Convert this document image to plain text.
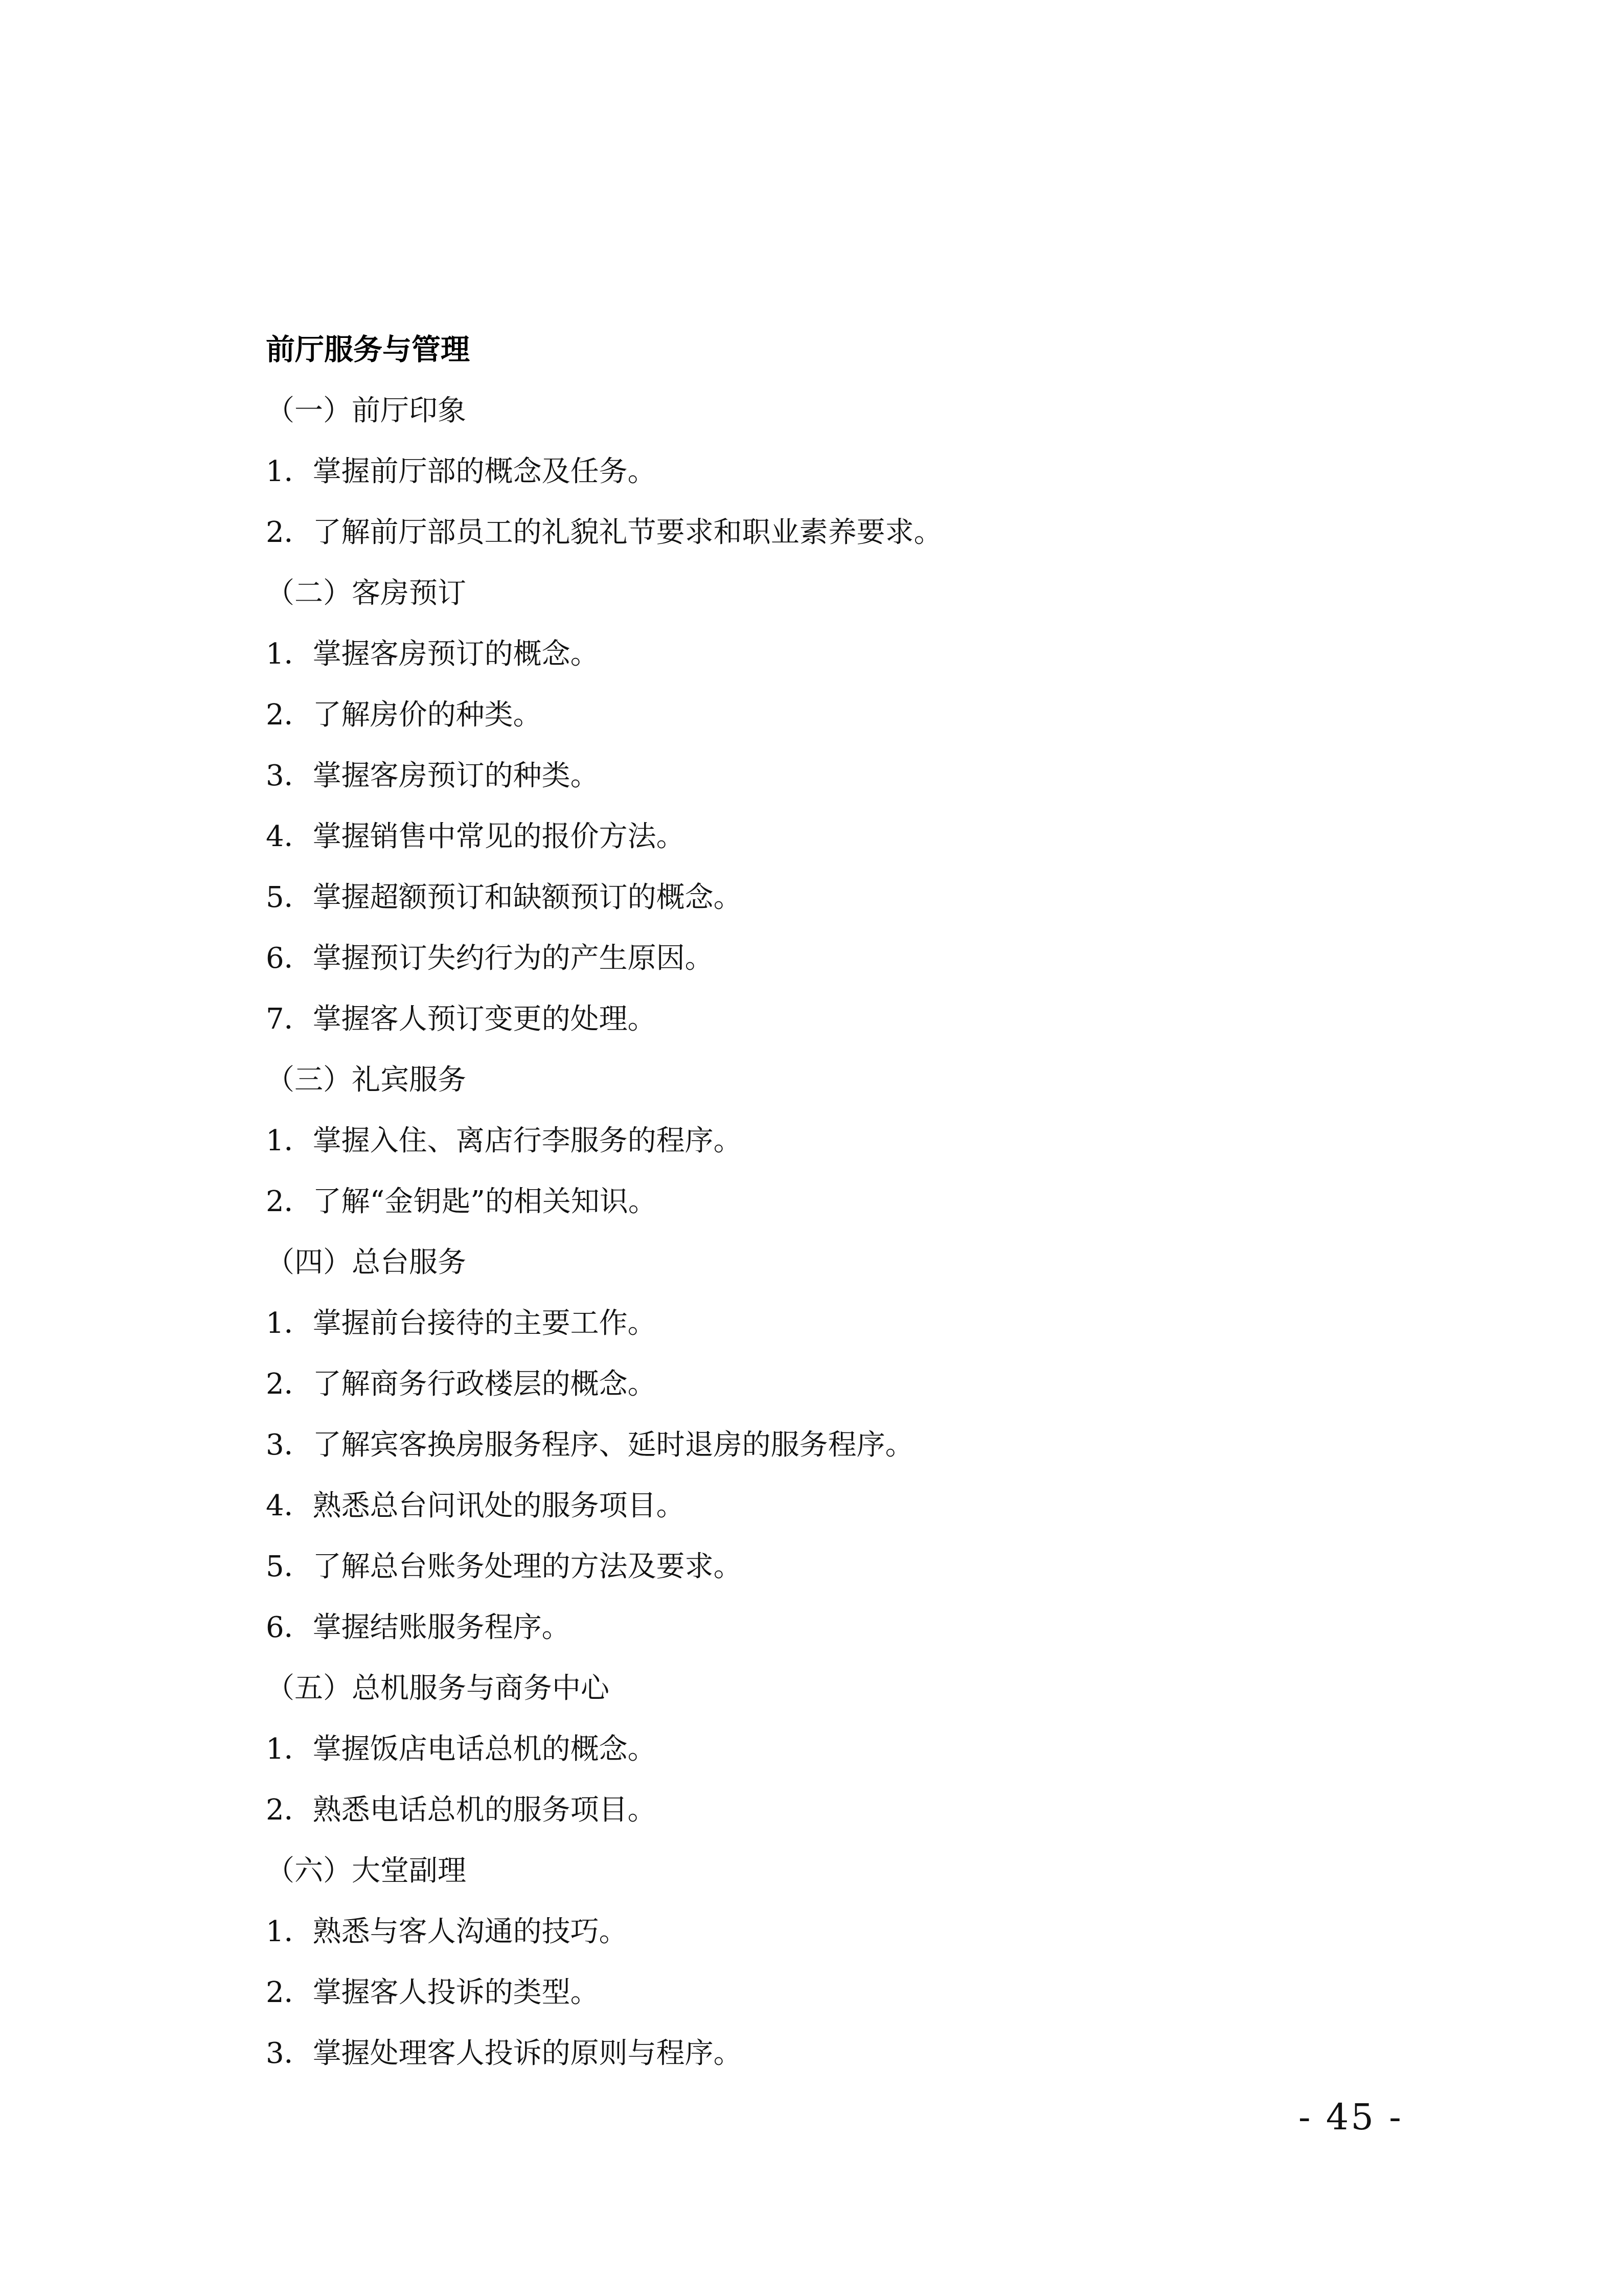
前厅服务与管理
（一）前厅印象
1．掌握前厅部的概念及任务。
2．了解前厅部员工的礼貌礼节要求和职业素养要求。
（二）客房预订
1．掌握客房预订的概念。
2．了解房价的种类。
3．掌握客房预订的种类。
4．掌握销售中常见的报价方法。
5．掌握超额预订和缺额预订的概念。
6．掌握预订失约行为的产生原因。
7．掌握客人预订变更的处理。
（三）礼宾服务
1．掌握入住、离店行李服务的程序。
2．了解“金钥匙”的相关知识。
（四）总台服务
1．掌握前台接待的主要工作。
2．了解商务行政楼层的概念。
3．了解宾客换房服务程序、延时退房的服务程序。
4．熟悉总台问讯处的服务项目。
5．了解总台账务处理的方法及要求。
6．掌握结账服务程序。
（五）总机服务与商务中心
1．掌握饭店电话总机的概念。
2．熟悉电话总机的服务项目。
（六）大堂副理
1．熟悉与客人沟通的技巧。
2．掌握客人投诉的类型。
3．掌握处理客人投诉的原则与程序。
- 45 -
